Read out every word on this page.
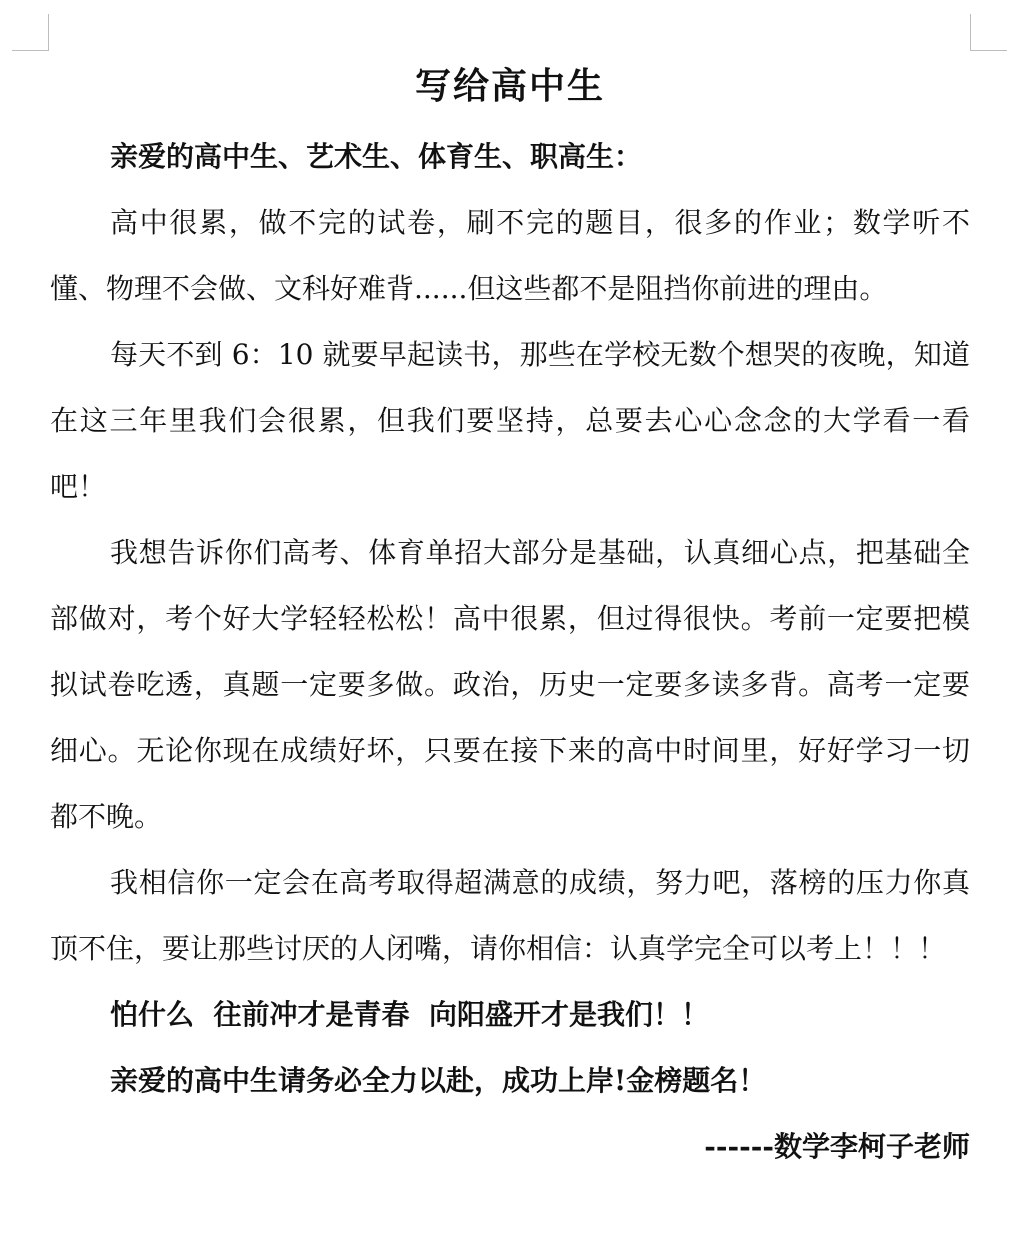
写给高中生

亲爱的高中生、艺术生、体育生、职高生：

高中很累，做不完的试卷，刷不完的题目，很多的作业；数学听不懂、物理不会做、文科好难背......但这些都不是阻挡你前进的理由。

每天不到 6：10 就要早起读书，那些在学校无数个想哭的夜晚，知道在这三年里我们会很累，但我们要坚持，总要去心心念念的大学看一看吧！

我想告诉你们高考、体育单招大部分是基础，认真细心点，把基础全部做对，考个好大学轻轻松松！高中很累，但过得很快。考前一定要把模拟试卷吃透，真题一定要多做。政治，历史一定要多读多背。高考一定要细心。无论你现在成绩好坏，只要在接下来的高中时间里，好好学习一切都不晚。

我相信你一定会在高考取得超满意的成绩，努力吧，落榜的压力你真顶不住，要让那些讨厌的人闭嘴，请你相信：认真学完全可以考上！！！

怕什么  往前冲才是青春  向阳盛开才是我们！！

亲爱的高中生请务必全力以赴，成功上岸!金榜题名！

------数学李柯子老师
